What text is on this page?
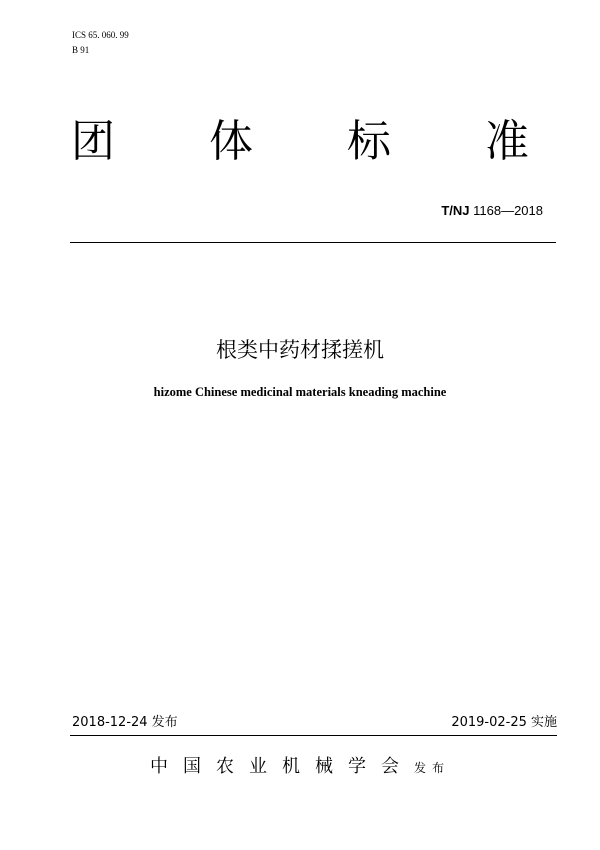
ICS 65. 060. 99
B 91
团 体 标 准
T/NJ 1168—2018
根类中药材揉搓机
hizome Chinese medicinal materials kneading machine
2018-12-24 发布	2019-02-25 实施
中国农业机械学会发布
